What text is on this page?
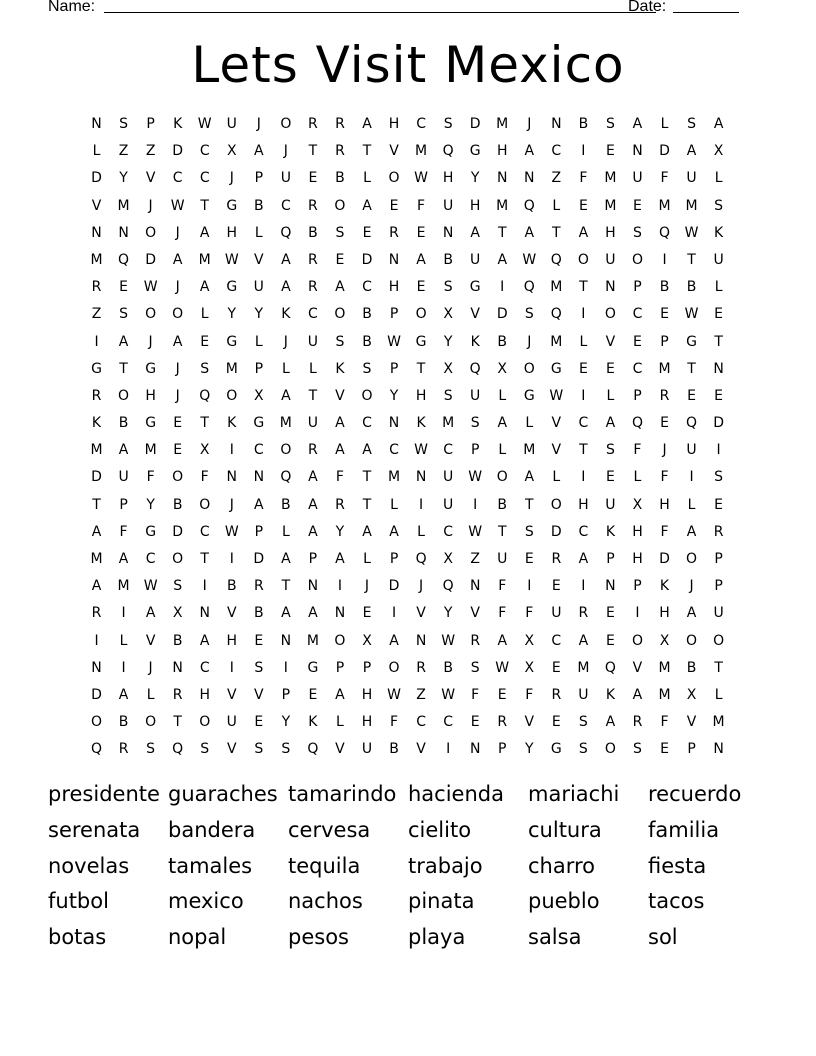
Name:	Date:
Lets Visit Mexico
N S P K W U J O R R A H C S D M J N B S A L S A
L Z Z D C X A J T R T V M Q G H A C I E N D A X
D Y V C C J P U E B L O W H Y N N Z F M U F U L
V M J W T G B C R O A E F U H M Q L E M E M M S
N N O J A H L Q B S E R E N A T A T A H S Q W K
M Q D A M W V A R E D N A B U A W Q O U O I T U
R E W J A G U A R A C H E S G I Q M T N P B B L
Z S O O L Y Y K C O B P O X V D S Q I O C E W E
I A J A E G L J U S B W G Y K B J M L V E P G T
G T G J S M P L L K S P T X Q X O G E E C M T N
R O H J Q O X A T V O Y H S U L G W I L P R E E
K B G E T K G M U A C N K M S A L V C A Q E Q D
M A M E X I C O R A A C W C P L M V T S F J U I
D U F O F N N Q A F T M N U W O A L I E L F I S
T P Y B O J A B A R T L I U I B T O H U X H L E
A F G D C W P L A Y A A L C W T S D C K H F A R
M A C O T I D A P A L P Q X Z U E R A P H D O P
A M W S I B R T N I J D J Q N F I E I N P K J P
R I A X N V B A A N E I V Y V F F U R E I H A U
I L V B A H E N M O X A N W R A X C A E O X O O
N I J N C I S I G P P O R B S W X E M Q V M B T
D A L R H V V P E A H W Z W F E F R U K A M X L
O B O T O U E Y K L H F C C E R V E S A R F V M
Q R S Q S V S S Q V U B V I N P Y G S O S E P N
presidente guaraches tamarindo hacienda mariachi recuerdo
serenata bandera cervesa cielito	cultura familia
novelas tamales tequila trabajo charro	fiesta
futbol	mexico nachos pinata	pueblo tacos
botas	nopal	pesos	playa	salsa	sol
